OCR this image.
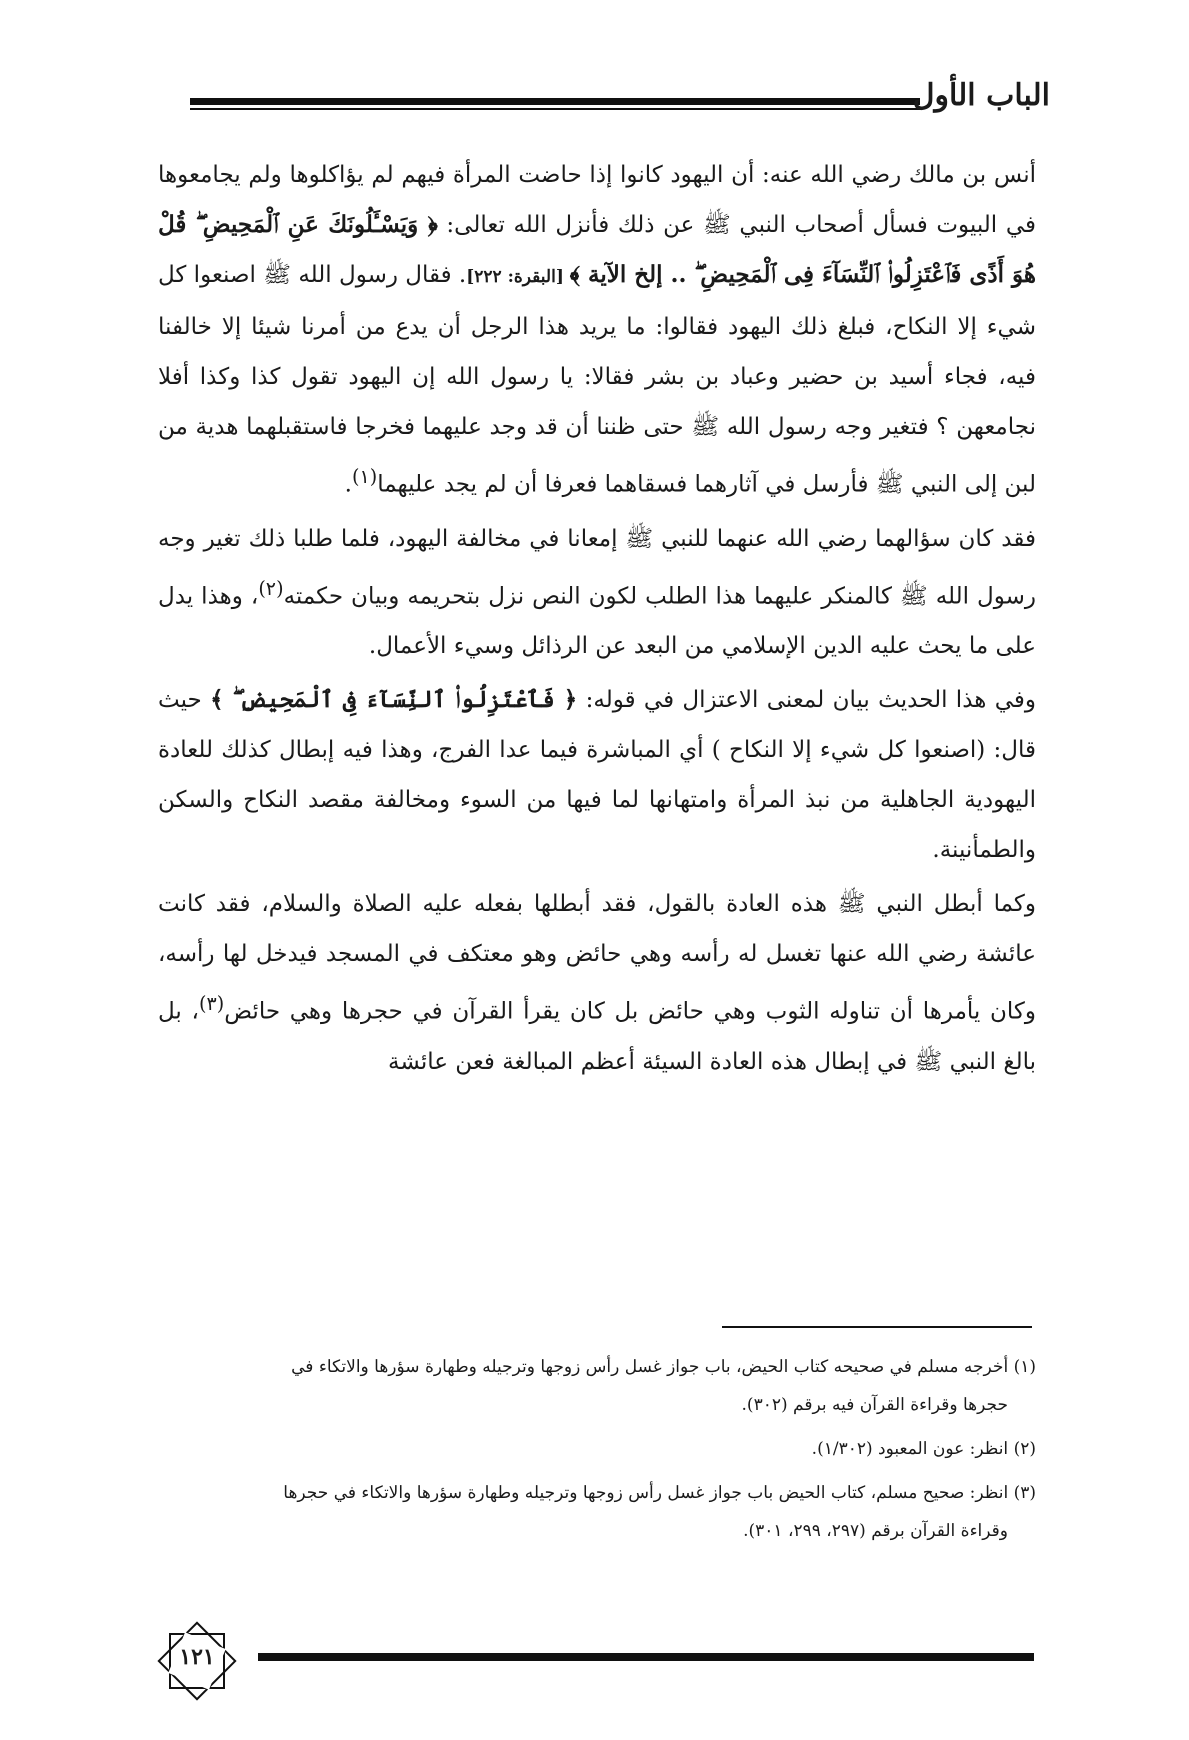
الباب الأول

أنس بن مالك رضي الله عنه: أن اليهود كانوا إذا حاضت المرأة فيهم لم يؤاكلوها ولم يجامعوها في البيوت فسأل أصحاب النبي ﷺ عن ذلك فأنزل الله تعالى: ﴿ وَيَسْـَٔلُونَكَ عَنِ ٱلْمَحِيضِ ۖ قُلْ هُوَ أَذًى فَٱعْتَزِلُوا۟ ٱلنِّسَآءَ فِى ٱلْمَحِيضِ ۖ .. إلخ الآية ﴾ [البقرة: ٢٢٢]. فقال رسول الله ﷺ اصنعوا كل شيء إلا النكاح، فبلغ ذلك اليهود فقالوا: ما يريد هذا الرجل أن يدع من أمرنا شيئا إلا خالفنا فيه، فجاء أسيد بن حضير وعباد بن بشر فقالا: يا رسول الله إن اليهود تقول كذا وكذا أفلا نجامعهن ؟ فتغير وجه رسول الله ﷺ حتى ظننا أن قد وجد عليهما فخرجا فاستقبلهما هدية من لبن إلى النبي ﷺ فأرسل في آثارهما فسقاهما فعرفا أن لم يجد عليهما$^{(١)}$.

فقد كان سؤالهما رضي الله عنهما للنبي ﷺ إمعانا في مخالفة اليهود، فلما طلبا ذلك تغير وجه رسول الله ﷺ كالمنكر عليهما هذا الطلب لكون النص نزل بتحريمه وبيان حكمته$^{(٢)}$، وهذا يدل على ما يحث عليه الدين الإسلامي من البعد عن الرذائل وسيء الأعمال.

وفي هذا الحديث بيان لمعنى الاعتزال في قوله: ﴿ فَٱعْتَزِلُوا۟ ٱلنِّسَآءَ فِى ٱلْمَحِيضِ ۖ ﴾ حيث قال: (اصنعوا كل شيء إلا النكاح ) أي المباشرة فيما عدا الفرج، وهذا فيه إبطال كذلك للعادة اليهودية الجاهلية من نبذ المرأة وامتهانها لما فيها من السوء ومخالفة مقصد النكاح والسكن والطمأنينة.

وكما أبطل النبي ﷺ هذه العادة بالقول، فقد أبطلها بفعله عليه الصلاة والسلام، فقد كانت عائشة رضي الله عنها تغسل له رأسه وهي حائض وهو معتكف في المسجد فيدخل لها رأسه، وكان يأمرها أن تناوله الثوب وهي حائض بل كان يقرأ القرآن في حجرها وهي حائض$^{(٣)}$، بل بالغ النبي ﷺ في إبطال هذه العادة السيئة أعظم المبالغة فعن عائشة

(١) أخرجه مسلم في صحيحه كتاب الحيض، باب جواز غسل رأس زوجها وترجيله وطهارة سؤرها والاتكاء في
حجرها وقراءة القرآن فيه برقم (٣٠٢).
(٢) انظر: عون المعبود (١/٣٠٢).
(٣) انظر: صحيح مسلم، كتاب الحيض باب جواز غسل رأس زوجها وترجيله وطهارة سؤرها والاتكاء في حجرها
وقراءة القرآن برقم (٢٩٧، ٢٩٩، ٣٠١).
١٢١
